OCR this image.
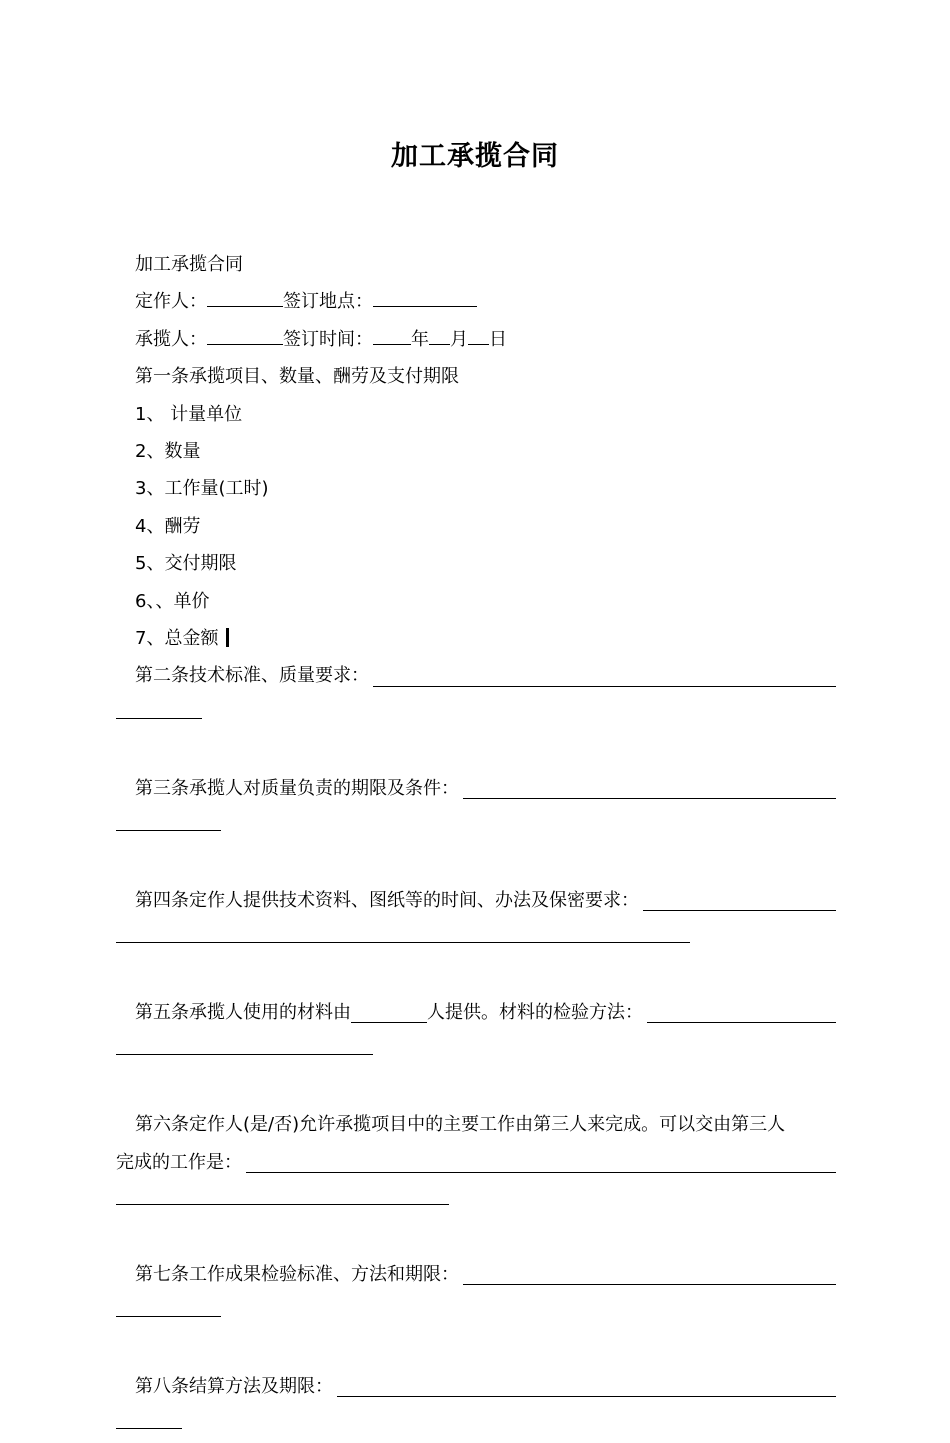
加工承揽合同

加工承揽合同

定作人：	签订地点：

承揽人：	签订时间： 年 月 日

第一条承揽项目、数量、酬劳及支付期限

1、 计量单位

2、数量

3、工作量(工时)

4、酬劳

5、交付期限

6、、单价

7、总金额

第二条技术标准、质量要求：

第三条承揽人对质量负责的期限及条件：

第四条定作人提供技术资料、图纸等的时间、办法及保密要求：

第五条承揽人使用的材料由	人提供。材料的检验方法：

第六条定作人(是/否)允许承揽项目中的主要工作由第三人来完成。可以交由第三人

完成的工作是：

第七条工作成果检验标准、方法和期限：

第八条结算方法及期限：
